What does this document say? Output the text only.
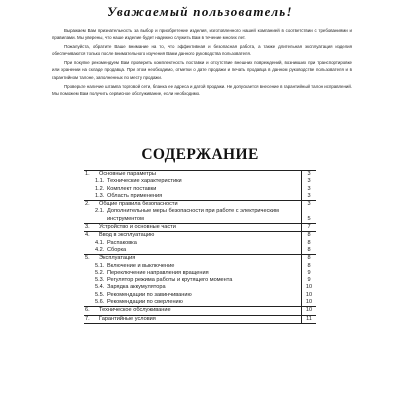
Уважаемый пользователь!

Выражаем Вам признательность за выбор и приобретение изделия, изготовленного нашей компанией в соответствии с требованиями и правилами. Мы уверены, что наше изделие будет надежно служить Вам в течение многих лет.

Пожалуйста, обратите Ваше внимание на то, что эффективная и безопасная работа, а также длительная эксплуатация изделия обеспечиваются только после внимательного изучения Вами данного руководства пользователя.

При покупке рекомендуем Вам проверить комплектность поставки и отсутствие внешних повреждений, возникших при транспортировке или хранении на складе продавца. При этом необходимо, отметки о дате продажи и печать продавца в данном руководстве пользователя и в гарантийном талоне, заполненных по месту продажи.

Проверьте наличие штампа торговой сети, бланка ее адреса и датой продажи. Не допускается внесение в гарантийный талон исправлений. Мы поможем Вам получить сервисное обслуживание, если необходимо.

СОДЕРЖАНИЕ
1.	Основные параметры	3
1.1. Технические характеристики	3
1.2. Комплект поставки	3
1.3. Область применения	3
2.	Общие правила безопасности	3
2.1. Дополнительные меры безопасности при работе с электрическим инструментом	5
3.	Устройство и основные части	7
4.	Ввод в эксплуатацию	8
4.1. Распаковка	8
4.2. Сборка	8
5.	Эксплуатация	8
5.1. Включение и выключение	8
5.2. Переключение направления вращения	9
5.3. Регулятор режима работы и крутящего момента	9
5.4. Зарядка аккумулятора	10
5.5. Рекомендации по завинчиванию	10
5.6. Рекомендации по сверлению	10
6.	Техническое обслуживание	10
7.	Гарантийные условия	11
